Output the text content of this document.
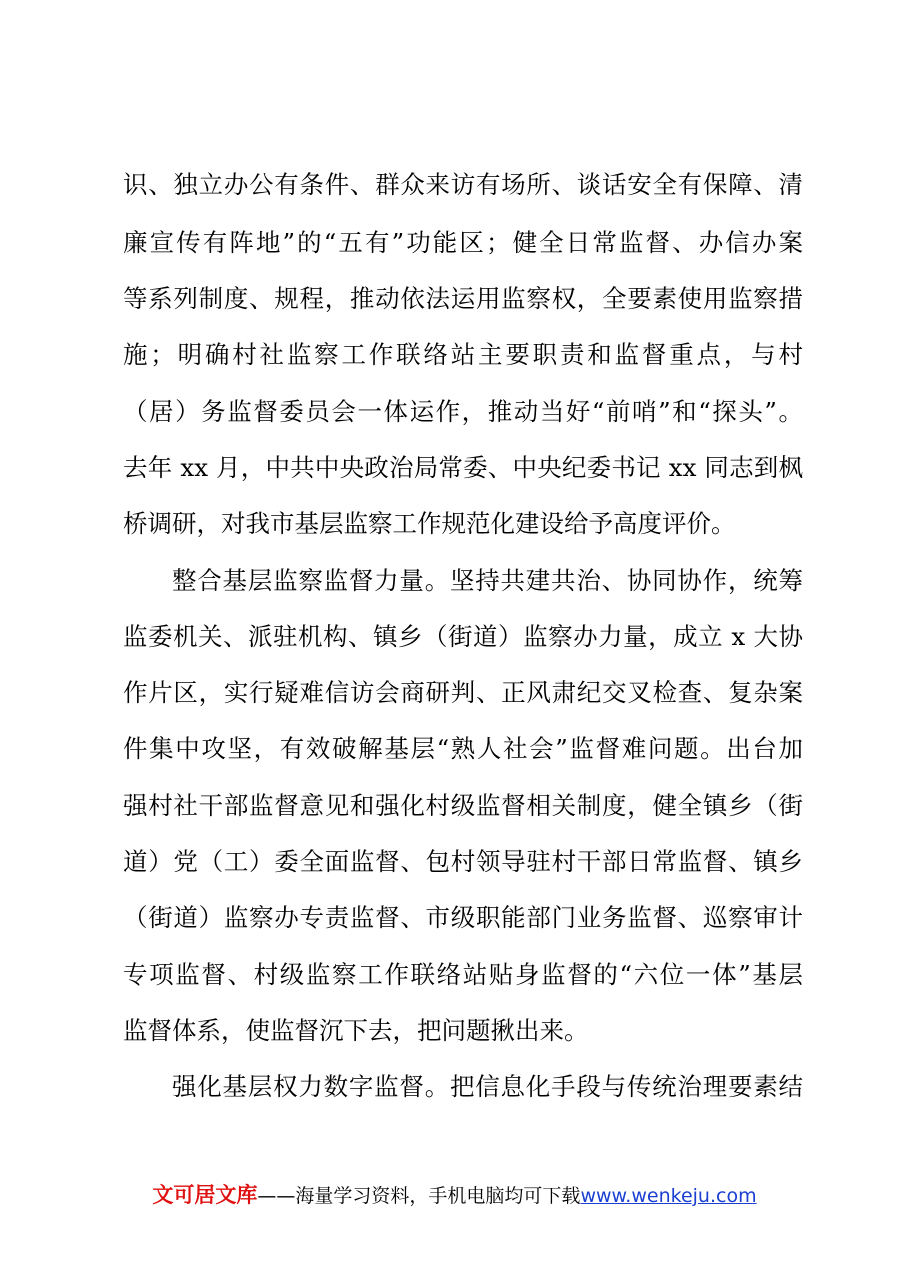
识、独立办公有条件、群众来访有场所、谈话安全有保障、清
廉宣传有阵地”的“五有”功能区；健全日常监督、办信办案
等系列制度、规程，推动依法运用监察权，全要素使用监察措
施；明确村社监察工作联络站主要职责和监督重点，与村
（居）务监督委员会一体运作，推动当好“前哨”和“探头”。
去年 xx 月，中共中央政治局常委、中央纪委书记 xx 同志到枫
桥调研，对我市基层监察工作规范化建设给予高度评价。
整合基层监察监督力量。坚持共建共治、协同协作，统筹
监委机关、派驻机构、镇乡（街道）监察办力量，成立 x 大协
作片区，实行疑难信访会商研判、正风肃纪交叉检查、复杂案
件集中攻坚，有效破解基层“熟人社会”监督难问题。出台加
强村社干部监督意见和强化村级监督相关制度，健全镇乡（街
道）党（工）委全面监督、包村领导驻村干部日常监督、镇乡
（街道）监察办专责监督、市级职能部门业务监督、巡察审计
专项监督、村级监察工作联络站贴身监督的“六位一体”基层
监督体系，使监督沉下去，把问题揪出来。
强化基层权力数字监督。把信息化手段与传统治理要素结
文可居文库——海量学习资料，手机电脑均可下载www.wenkeju.com
